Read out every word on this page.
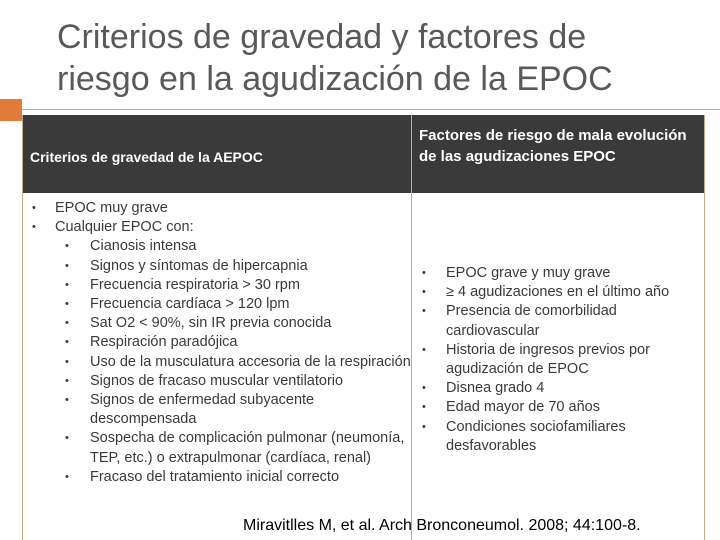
Criterios de gravedad y factores de
riesgo en la agudización de la EPOC
Criterios de gravedad de la AEPOC
Factores de riesgo de mala evolución de las agudizaciones EPOC
• EPOC muy grave
• Cualquier EPOC con:
• Cianosis intensa
• Signos y síntomas de hipercapnia
• Frecuencia respiratoria > 30 rpm
• Frecuencia cardíaca > 120 lpm
• Sat O2 < 90%, sin IR previa conocida
• Respiración paradójica
• Uso de la musculatura accesoria de la respiración
• Signos de fracaso muscular ventilatorio
• Signos de enfermedad subyacente descompensada
• Sospecha de complicación pulmonar (neumonía, TEP, etc.) o extrapulmonar (cardíaca, renal)
• Fracaso del tratamiento inicial correcto
• EPOC grave y muy grave
• ≥ 4 agudizaciones en el último año
• Presencia de comorbilidad cardiovascular
• Historia de ingresos previos por agudización de EPOC
• Disnea grado 4
• Edad mayor de 70 años
• Condiciones sociofamiliares desfavorables
Miravitlles M, et al. Arch Bronconeumol. 2008; 44:100-8.
